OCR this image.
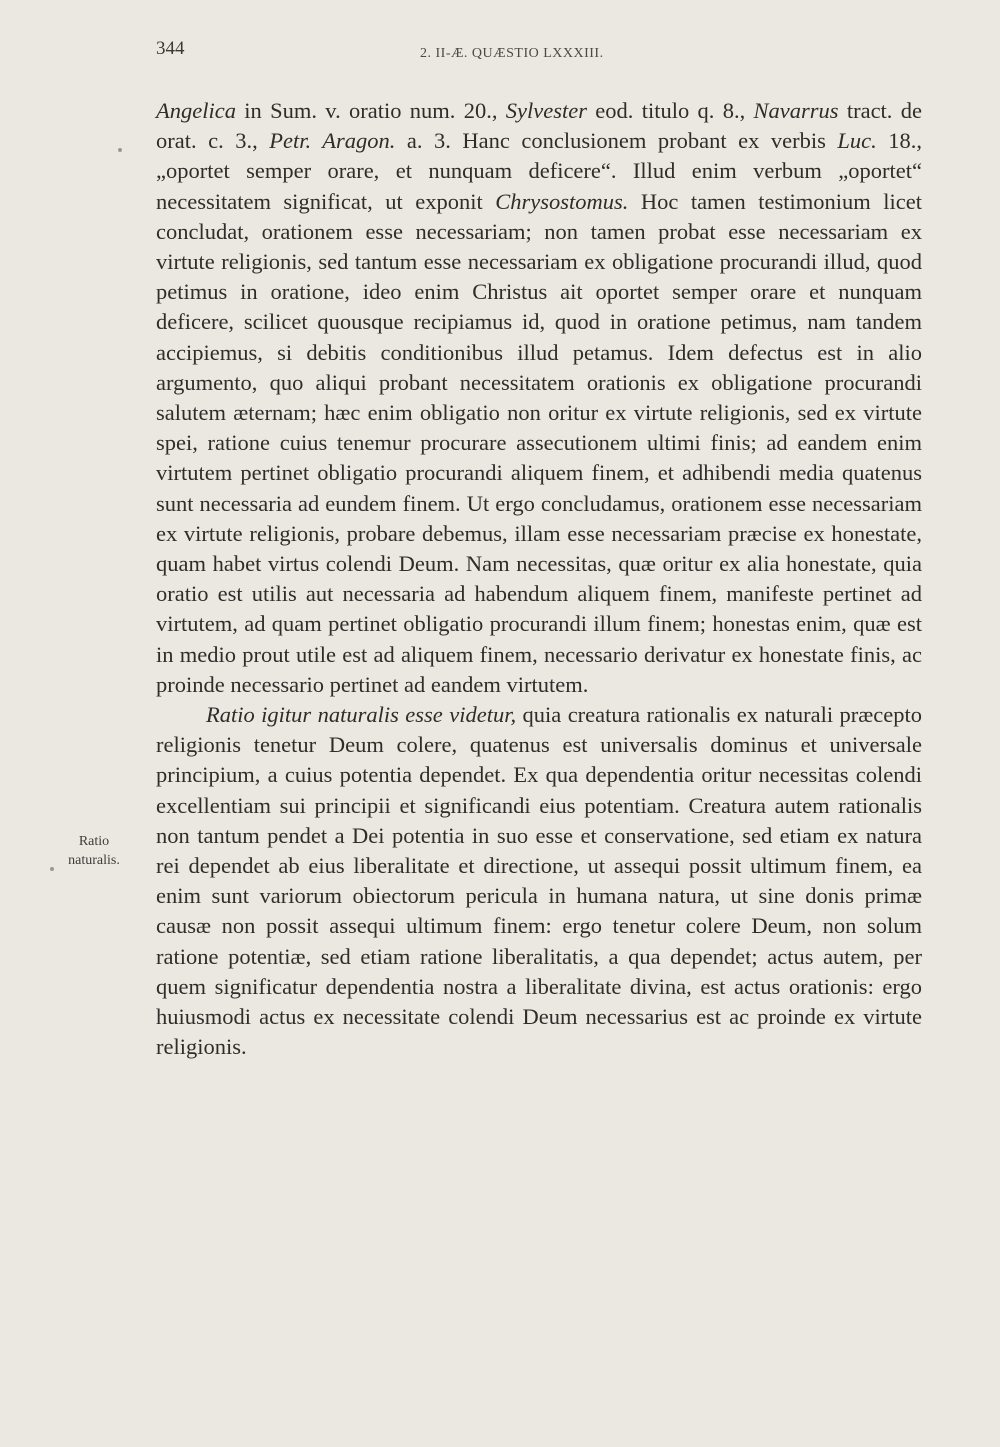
344	2. II-Æ. QUÆSTIO LXXXIII.
Ratio
naturalis.

Angelica in Sum. v. oratio num. 20., Sylvester eod. titulo q. 8., Navarrus tract. de orat. c. 3., Petr. Aragon. a. 3. Hanc conclusionem probant ex verbis Luc. 18., „oportet semper orare, et nunquam deficere“. Illud enim verbum „oportet“ necessitatem significat, ut exponit Chrysostomus. Hoc tamen testimonium licet concludat, orationem esse necessariam; non tamen probat esse necessariam ex virtute religionis, sed tantum esse necessariam ex obligatione procurandi illud, quod petimus in oratione, ideo enim Christus ait oportet semper orare et nunquam deficere, scilicet quousque recipiamus id, quod in oratione petimus, nam tandem accipiemus, si debitis conditionibus illud petamus. Idem defectus est in alio argumento, quo aliqui probant necessitatem orationis ex obligatione procurandi salutem æternam; hæc enim obligatio non oritur ex virtute religionis, sed ex virtute spei, ratione cuius tenemur procurare assecutionem ultimi finis; ad eandem enim virtutem pertinet obligatio procurandi aliquem finem, et adhibendi media quatenus sunt necessaria ad eundem finem. Ut ergo concludamus, orationem esse necessariam ex virtute religionis, probare debemus, illam esse necessariam præcise ex honestate, quam habet virtus colendi Deum. Nam necessitas, quæ oritur ex alia honestate, quia oratio est utilis aut necessaria ad habendum aliquem finem, manifeste pertinet ad virtutem, ad quam pertinet obligatio procurandi illum finem; honestas enim, quæ est in medio prout utile est ad aliquem finem, necessario derivatur ex honestate finis, ac proinde necessario pertinet ad eandem virtutem.

Ratio igitur naturalis esse videtur, quia creatura rationalis ex naturali præcepto religionis tenetur Deum colere, quatenus est universalis dominus et universale principium, a cuius potentia dependet. Ex qua dependentia oritur necessitas colendi excellentiam sui principii et significandi eius potentiam. Creatura autem rationalis non tantum pendet a Dei potentia in suo esse et conservatione, sed etiam ex natura rei dependet ab eius liberalitate et directione, ut assequi possit ultimum finem, ea enim sunt variorum obiectorum pericula in humana natura, ut sine donis primæ causæ non possit assequi ultimum finem: ergo tenetur colere Deum, non solum ratione potentiæ, sed etiam ratione liberalitatis, a qua dependet; actus autem, per quem significatur dependentia nostra a liberalitate divina, est actus orationis: ergo huiusmodi actus ex necessitate colendi Deum necessarius est ac proinde ex virtute religionis.
